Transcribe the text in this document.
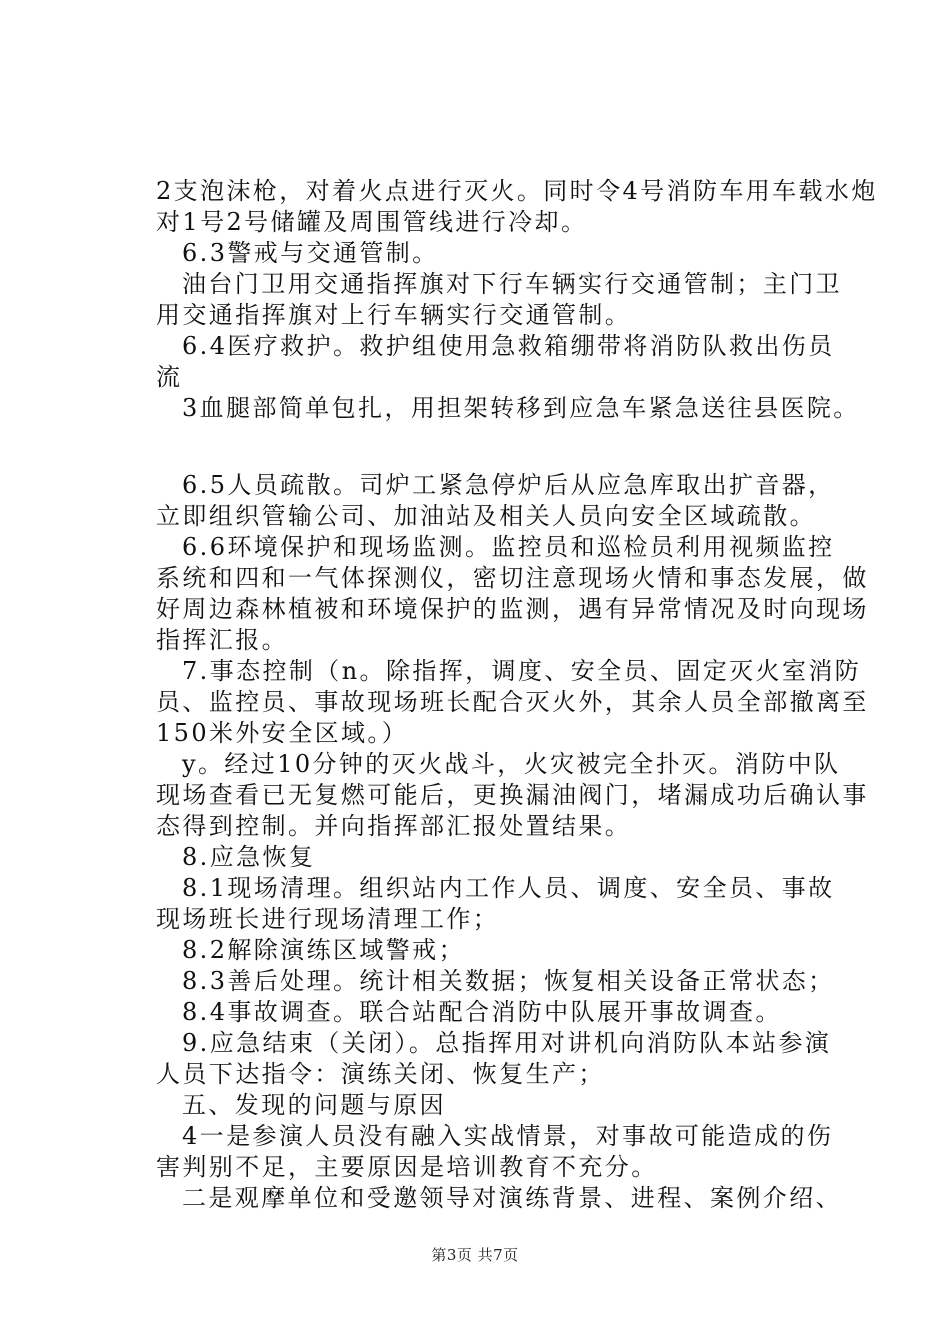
2支泡沫枪，对着火点进行灭火。同时令4号消防车用车载水炮
对1号2号储罐及周围管线进行冷却。
6.3警戒与交通管制。
油台门卫用交通指挥旗对下行车辆实行交通管制；主门卫
用交通指挥旗对上行车辆实行交通管制。
6.4医疗救护。救护组使用急救箱绷带将消防队救出伤员
流
3血腿部简单包扎，用担架转移到应急车紧急送往县医院。
6.5人员疏散。司炉工紧急停炉后从应急库取出扩音器，
立即组织管输公司、加油站及相关人员向安全区域疏散。
6.6环境保护和现场监测。监控员和巡检员利用视频监控
系统和四和一气体探测仪，密切注意现场火情和事态发展，做
好周边森林植被和环境保护的监测，遇有异常情况及时向现场
指挥汇报。
7.事态控制（n。除指挥，调度、安全员、固定灭火室消防
员、监控员、事故现场班长配合灭火外，其余人员全部撤离至
150米外安全区域。）
y。经过10分钟的灭火战斗，火灾被完全扑灭。消防中队
现场查看已无复燃可能后，更换漏油阀门，堵漏成功后确认事
态得到控制。并向指挥部汇报处置结果。
8.应急恢复
8.1现场清理。组织站内工作人员、调度、安全员、事故
现场班长进行现场清理工作；
8.2解除演练区域警戒；
8.3善后处理。统计相关数据；恢复相关设备正常状态；
8.4事故调查。联合站配合消防中队展开事故调查。
9.应急结束（关闭）。总指挥用对讲机向消防队本站参演
人员下达指令：演练关闭、恢复生产；
五、发现的问题与原因
4一是参演人员没有融入实战情景，对事故可能造成的伤
害判别不足，主要原因是培训教育不充分。
二是观摩单位和受邀领导对演练背景、进程、案例介绍、
第3页 共7页
